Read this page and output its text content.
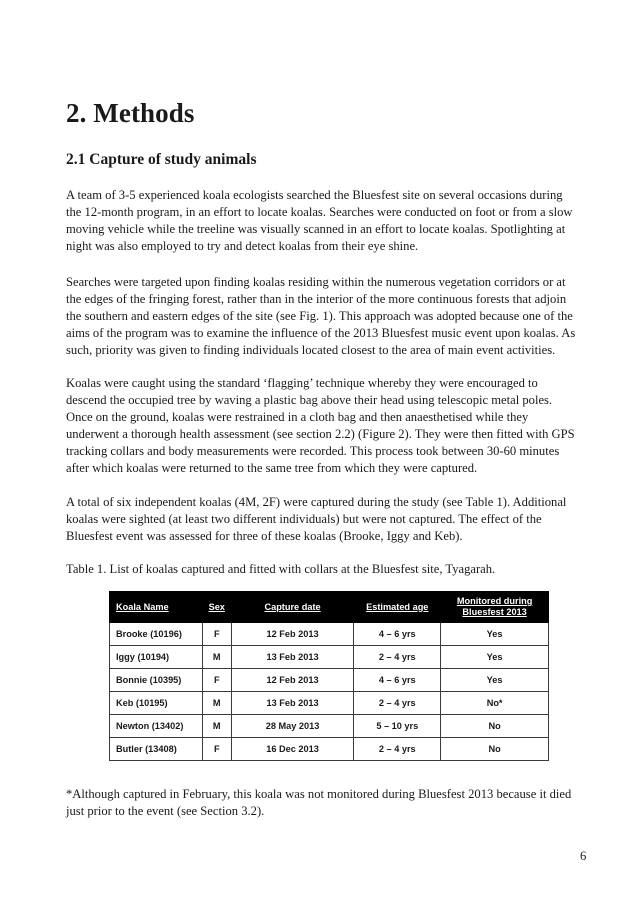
2. Methods
2.1 Capture of study animals
A team of 3-5 experienced koala ecologists searched the Bluesfest site on several occasions during
the 12-month program, in an effort to locate koalas. Searches were conducted on foot or from a slow
moving vehicle while the treeline was visually scanned in an effort to locate koalas. Spotlighting at
night was also employed to try and detect koalas from their eye shine.
Searches were targeted upon finding koalas residing within the numerous vegetation corridors or at
the edges of the fringing forest, rather than in the interior of the more continuous forests that adjoin
the southern and eastern edges of the site (see Fig. 1). This approach was adopted because one of the
aims of the program was to examine the influence of the 2013 Bluesfest music event upon koalas. As
such, priority was given to finding individuals located closest to the area of main event activities.
Koalas were caught using the standard ‘flagging’ technique whereby they were encouraged to
descend the occupied tree by waving a plastic bag above their head using telescopic metal poles.
Once on the ground, koalas were restrained in a cloth bag and then anaesthetised while they
underwent a thorough health assessment (see section 2.2) (Figure 2). They were then fitted with GPS
tracking collars and body measurements were recorded. This process took between 30-60 minutes
after which koalas were returned to the same tree from which they were captured.
A total of six independent koalas (4M, 2F) were captured during the study (see Table 1). Additional
koalas were sighted (at least two different individuals) but were not captured. The effect of the
Bluesfest event was assessed for three of these koalas (Brooke, Iggy and Keb).
Table 1. List of koalas captured and fitted with collars at the Bluesfest site, Tyagarah.
Koala Name	Sex	Capture date	Estimated age	Monitored during Bluesfest 2013
Brooke (10196)	F	12 Feb 2013	4 – 6 yrs	Yes
Iggy (10194)	M	13 Feb 2013	2 – 4 yrs	Yes
Bonnie (10395)	F	12 Feb 2013	4 – 6 yrs	Yes
Keb (10195)	M	13 Feb 2013	2 – 4 yrs	No*
Newton (13402)	M	28 May 2013	5 – 10 yrs	No
Butler (13408)	F	16 Dec 2013	2 – 4 yrs	No
*Although captured in February, this koala was not monitored during Bluesfest 2013 because it died
just prior to the event (see Section 3.2).
6
